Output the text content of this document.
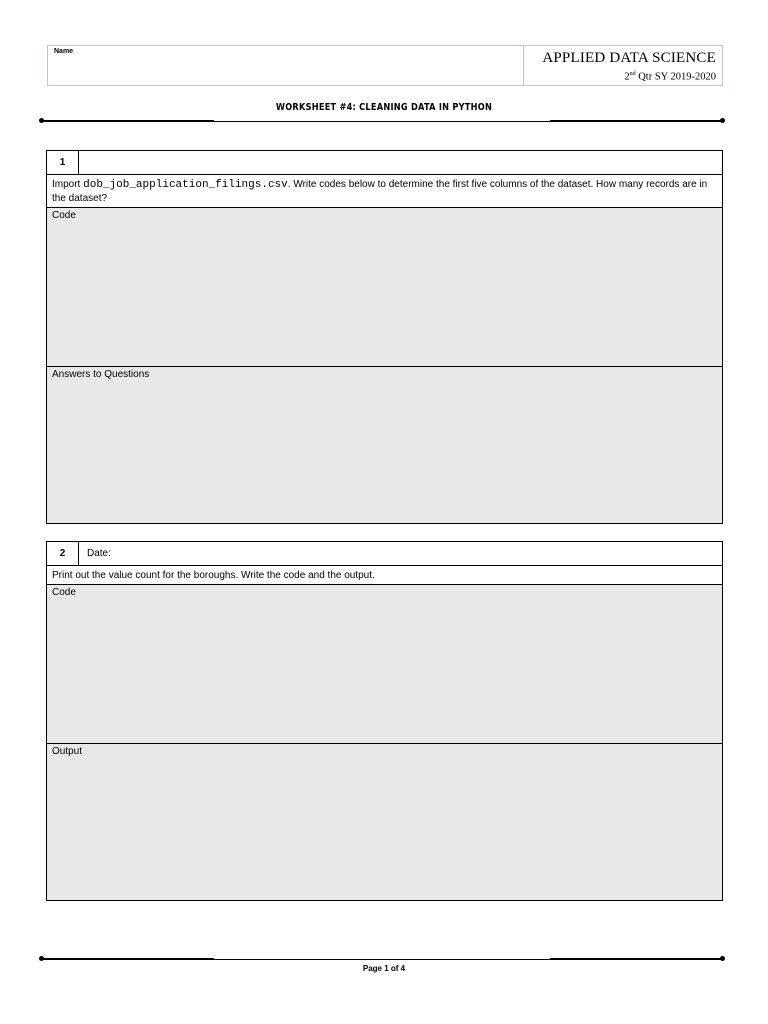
Name	APPLIED DATA SCIENCE
2nd Qtr SY 2019-2020
WORKSHEET #4: CLEANING DATA IN PYTHON
1
Import dob_job_application_filings.csv. Write codes below to determine the first five columns of the dataset. How many records are in the dataset?
Code
Answers to Questions
2	Date:
Print out the value count for the boroughs. Write the code and the output.
Code
Output
Page 1 of 4
